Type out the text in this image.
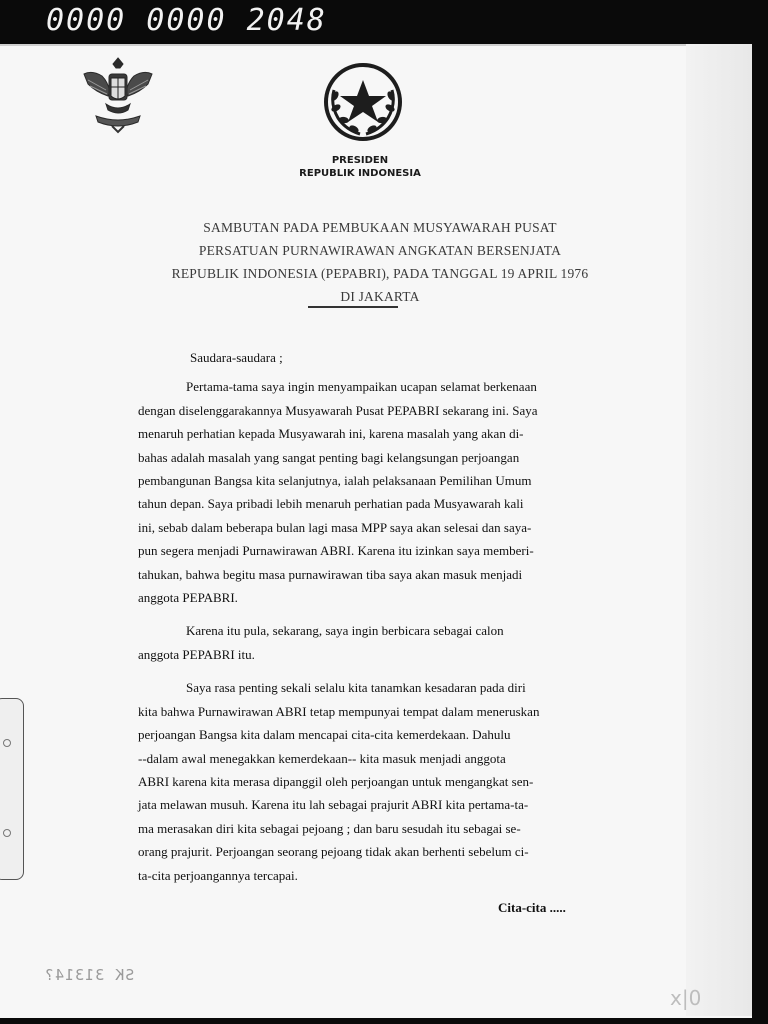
0000 0000 2048
PRESIDEN
REPUBLIK INDONESIA
SAMBUTAN PADA PEMBUKAAN MUSYAWARAH PUSAT
PERSATUAN PURNAWIRAWAN ANGKATAN BERSENJATA
REPUBLIK INDONESIA (PEPABRI), PADA TANGGAL 19 APRIL 1976
DI JAKARTA
Saudara-saudara ;
Pertama-tama saya ingin menyampaikan ucapan selamat berkenaan
dengan diselenggarakannya Musyawarah Pusat PEPABRI sekarang ini. Saya
menaruh perhatian kepada Musyawarah ini, karena masalah yang akan di-
bahas adalah masalah yang sangat penting bagi kelangsungan perjoangan
pembangunan Bangsa kita selanjutnya, ialah pelaksanaan Pemilihan Umum
tahun depan. Saya pribadi lebih menaruh perhatian pada Musyawarah kali
ini, sebab dalam beberapa bulan lagi masa MPP saya akan selesai dan saya-
pun segera menjadi Purnawirawan ABRI. Karena itu izinkan saya memberi-
tahukan, bahwa begitu masa purnawirawan tiba saya akan masuk menjadi
anggota PEPABRI.
Karena itu pula, sekarang, saya ingin berbicara sebagai calon
anggota PEPABRI itu.
Saya rasa penting sekali selalu kita tanamkan kesadaran pada diri
kita bahwa Purnawirawan ABRI tetap mempunyai tempat dalam meneruskan
perjoangan Bangsa kita dalam mencapai cita-cita kemerdekaan. Dahulu
--dalam awal menegakkan kemerdekaan-- kita masuk menjadi anggota
ABRI karena kita merasa dipanggil oleh perjoangan untuk mengangkat sen-
jata melawan musuh. Karena itu lah sebagai prajurit ABRI kita pertama-ta-
ma merasakan diri kita sebagai pejoang ; dan baru sesudah itu sebagai se-
orang prajurit. Perjoangan seorang pejoang tidak akan berhenti sebelum ci-
ta-cita perjoangannya tercapai.
Cita-cita .....
SK 31314?
x|0
